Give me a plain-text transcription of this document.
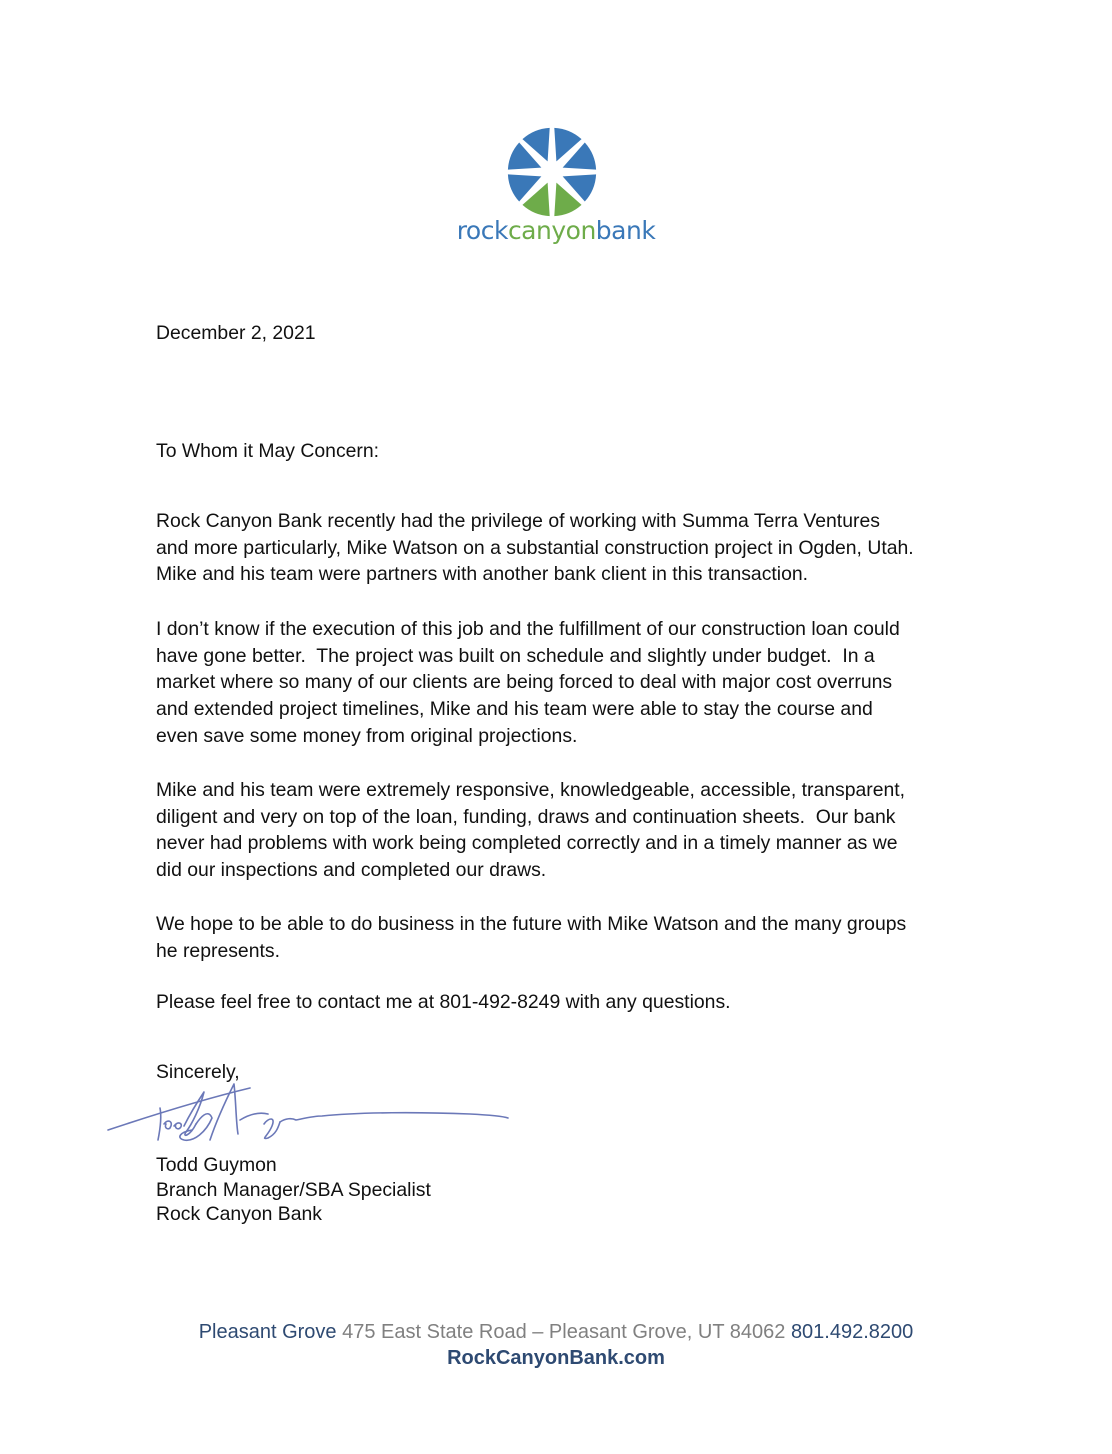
rockcanyonbank
December 2, 2021
To Whom it May Concern:
Rock Canyon Bank recently had the privilege of working with Summa Terra Ventures
and more particularly, Mike Watson on a substantial construction project in Ogden, Utah.
Mike and his team were partners with another bank client in this transaction.
I don’t know if the execution of this job and the fulfillment of our construction loan could
have gone better.  The project was built on schedule and slightly under budget.  In a
market where so many of our clients are being forced to deal with major cost overruns
and extended project timelines, Mike and his team were able to stay the course and
even save some money from original projections.
Mike and his team were extremely responsive, knowledgeable, accessible, transparent,
diligent and very on top of the loan, funding, draws and continuation sheets.  Our bank
never had problems with work being completed correctly and in a timely manner as we
did our inspections and completed our draws.
We hope to be able to do business in the future with Mike Watson and the many groups
he represents.
Please feel free to contact me at 801-492-8249 with any questions.
Sincerely,
Todd Guymon
Branch Manager/SBA Specialist
Rock Canyon Bank
Pleasant Grove 475 East State Road – Pleasant Grove, UT 84062 801.492.8200
RockCanyonBank.com
